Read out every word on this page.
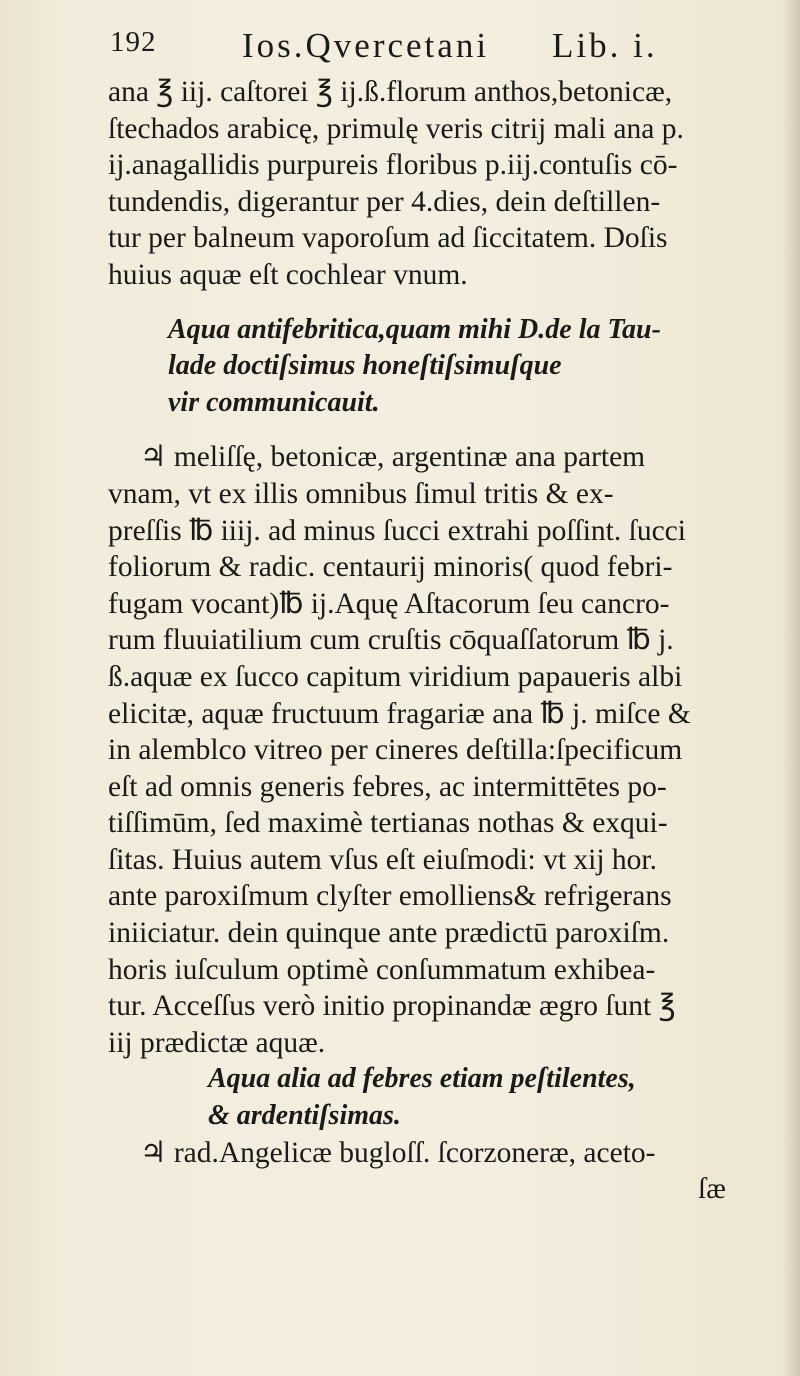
192 Ios.Qvercetani Lib. i.
ana ℥ iij. caſtorei ℥ ij.ß.florum anthos,betonicæ,
ſtechados arabicę, primulę veris citrij mali ana p.
ij.anagallidis purpureis floribus p.iij.contuſis cō-
tundendis, digerantur per 4.dies, dein deſtillen-
tur per balneum vaporoſum ad ſiccitatem. Doſis
huius aquæ eſt cochlear vnum.
Aqua antifebritica,quam mihi D.de la Tau-
lade doctiſsimus honeſtiſsimuſque
vir communicauit.
♃ meliſſę, betonicæ, argentinæ ana partem
vnam, vt ex illis omnibus ſimul tritis & ex-
preſſis ℔ iiij. ad minus ſucci extrahi poſſint. ſucci
foliorum & radic. centaurij minoris( quod febri-
fugam vocant)℔ ij.Aquę Aſtacorum ſeu cancro-
rum fluuiatilium cum cruſtis cōquaſſatorum ℔ j.
ß.aquæ ex ſucco capitum viridium papaueris albi
elicitæ, aquæ fructuum fragariæ ana ℔ j. miſce &
in alemblco vitreo per cineres deſtilla:ſpecificum
eſt ad omnis generis febres, ac intermittētes po-
tiſſimūm, ſed maximè tertianas nothas & exqui-
ſitas. Huius autem vſus eſt eiuſmodi: vt xij hor.
ante paroxiſmum clyſter emolliens& refrigerans
iniiciatur. dein quinque ante prædictū paroxiſm.
horis iuſculum optimè conſummatum exhibea-
tur. Acceſſus verò initio propinandæ ægro ſunt ℥
iij prædictæ aquæ.
Aqua alia ad febres etiam peſtilentes,
& ardentiſsimas.
♃ rad.Angelicæ bugloſſ. ſcorzoneræ, aceto-
ſæ
